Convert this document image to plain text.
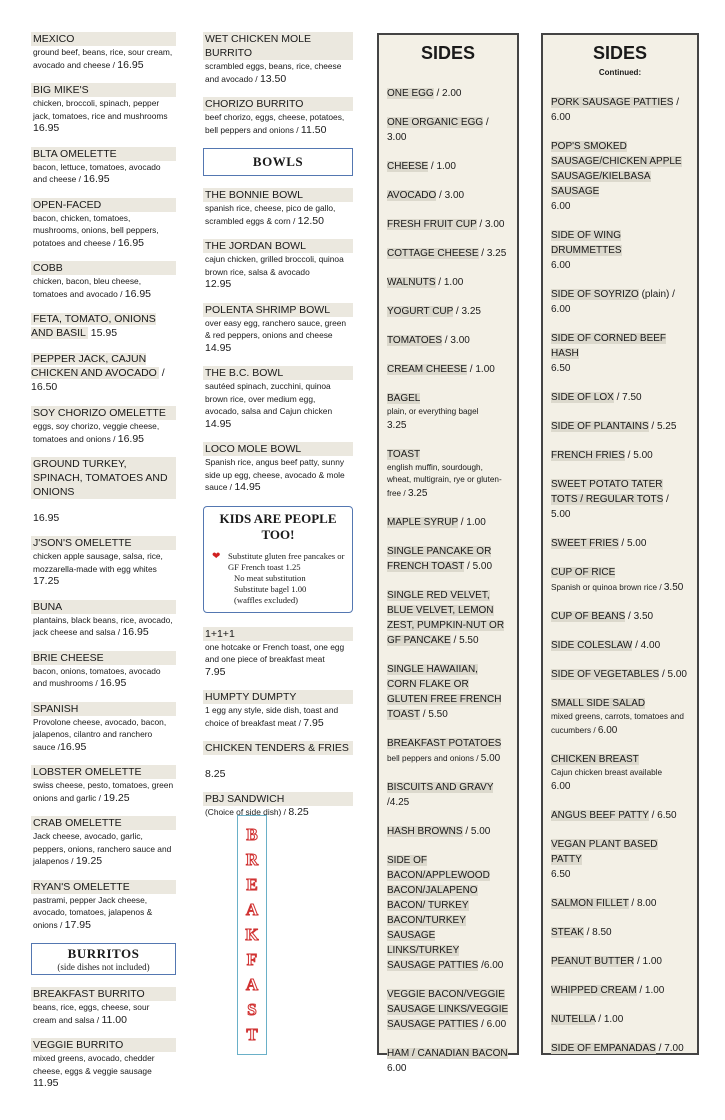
MEXICO
ground beef, beans, rice, sour cream, avocado and cheese / 16.95
BIG MIKE'S
chicken, broccoli, spinach, pepper jack, tomatoes, rice and mushrooms
16.95
BLTA OMELETTE
bacon, lettuce, tomatoes, avocado and cheese / 16.95
OPEN-FACED
bacon, chicken, tomatoes, mushrooms, onions, bell peppers, potatoes and cheese / 16.95
COBB
chicken, bacon, bleu cheese, tomatoes and avocado / 16.95
FETA, TOMATO, ONIONS AND BASIL 15.95
PEPPER JACK, CAJUN CHICKEN AND AVOCADO / 16.50
SOY CHORIZO OMELETTE
eggs, soy chorizo, veggie cheese, tomatoes and onions / 16.95
GROUND TURKEY, SPINACH, TOMATOES AND ONIONS

16.95
J'SON'S OMELETTE
chicken apple sausage, salsa, rice, mozzarella-made with egg whites
17.25
BUNA
plantains, black beans, rice, avocado, jack cheese and salsa / 16.95
BRIE CHEESE
bacon, onions, tomatoes, avocado and mushrooms / 16.95
SPANISH
Provolone cheese, avocado, bacon, jalapenos, cilantro and ranchero sauce /16.95
LOBSTER OMELETTE
swiss cheese, pesto, tomatoes, green onions and garlic / 19.25
CRAB OMELETTE
Jack cheese, avocado, garlic, peppers, onions, ranchero sauce and jalapenos / 19.25
RYAN'S OMELETTE
pastrami, pepper Jack cheese, avocado, tomatoes, jalapenos & onions / 17.95
BURRITOS
(side dishes not included)
BREAKFAST BURRITO
beans, rice, eggs, cheese, sour cream and salsa / 11.00
VEGGIE BURRITO
mixed greens, avocado, chedder cheese, eggs & veggie sausage
11.95
WET CHICKEN MOLE BURRITO
scrambled eggs, beans, rice, cheese and avocado / 13.50
CHORIZO BURRITO
beef chorizo, eggs, cheese, potatoes, bell peppers and onions / 11.50
BOWLS
THE BONNIE BOWL
spanish rice, cheese, pico de gallo, scrambled eggs & corn / 12.50
THE JORDAN BOWL
cajun chicken, grilled broccoli, quinoa brown rice, salsa & avocado
12.95
POLENTA SHRIMP BOWL
over easy egg, ranchero sauce, green & red peppers, onions and cheese
14.95
THE B.C. BOWL
sautéed spinach, zucchini, quinoa brown rice, over medium egg, avocado, salsa and Cajun chicken
14.95
LOCO MOLE BOWL
Spanish rice, angus beef patty, sunny side up egg, cheese, avocado & mole sauce / 14.95
KIDS ARE PEOPLE TOO!
❤ Substitute gluten free pancakes or GF French toast 1.25
No meat substitution
Substitute bagel 1.00
(waffles excluded)
1+1+1
one hotcake or French toast, one egg and one piece of breakfast meat
7.95
HUMPTY DUMPTY
1 egg any style, side dish, toast and choice of breakfast meat / 7.95
CHICKEN TENDERS & FRIES

8.25
PBJ SANDWICH
(Choice of side dish) / 8.25
B
R
E
A
K
F
A
S
T
SIDES
ONE EGG / 2.00
ONE ORGANIC EGG / 3.00
CHEESE / 1.00
AVOCADO / 3.00
FRESH FRUIT CUP / 3.00
COTTAGE CHEESE / 3.25
WALNUTS / 1.00
YOGURT CUP / 3.25
TOMATOES / 3.00
CREAM CHEESE / 1.00
BAGEL
plain, or everything bagel
3.25
TOAST
english muffin, sourdough, wheat, multigrain, rye or gluten-free / 3.25
MAPLE SYRUP / 1.00
SINGLE PANCAKE OR FRENCH TOAST / 5.00
SINGLE RED VELVET, BLUE VELVET, LEMON ZEST, PUMPKIN-NUT OR GF PANCAKE / 5.50
SINGLE HAWAIIAN, CORN FLAKE OR GLUTEN FREE FRENCH TOAST / 5.50
BREAKFAST POTATOES
bell peppers and onions / 5.00
BISCUITS AND GRAVY /4.25
HASH BROWNS / 5.00
SIDE OF BACON/APPLEWOOD BACON/JALAPENO BACON/ TURKEY BACON/TURKEY SAUSAGE LINKS/TURKEY SAUSAGE PATTIES /6.00
VEGGIE BACON/VEGGIE SAUSAGE LINKS/VEGGIE SAUSAGE PATTIES / 6.00
HAM / CANADIAN BACON
6.00
SIDES
Continued:
PORK SAUSAGE PATTIES / 6.00
POP'S SMOKED SAUSAGE/CHICKEN APPLE SAUSAGE/KIELBASA SAUSAGE
6.00
SIDE OF WING DRUMMETTES
6.00
SIDE OF SOYRIZO (plain) / 6.00
SIDE OF CORNED BEEF HASH
6.50
SIDE OF LOX / 7.50
SIDE OF PLANTAINS / 5.25
FRENCH FRIES / 5.00
SWEET POTATO TATER TOTS / REGULAR TOTS / 5.00
SWEET FRIES / 5.00
CUP OF RICE
Spanish or quinoa brown rice / 3.50
CUP OF BEANS / 3.50
SIDE COLESLAW / 4.00
SIDE OF VEGETABLES / 5.00
SMALL SIDE SALAD
mixed greens, carrots, tomatoes and cucumbers / 6.00
CHICKEN BREAST
Cajun chicken breast available
6.00
ANGUS BEEF PATTY / 6.50
VEGAN PLANT BASED PATTY
6.50
SALMON FILLET / 8.00
STEAK / 8.50
PEANUT BUTTER / 1.00
WHIPPED CREAM / 1.00
NUTELLA / 1.00
SIDE OF EMPANADAS / 7.00
